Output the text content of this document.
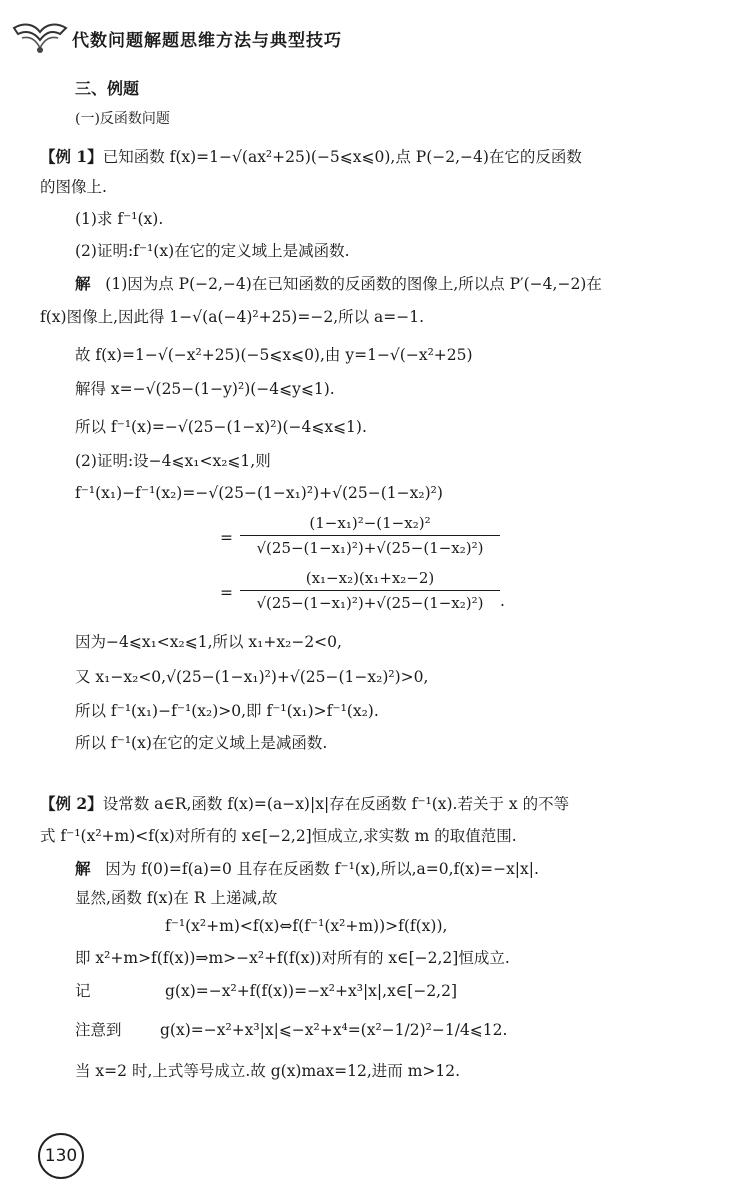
代数问题解题思维方法与典型技巧
三、例题
(一)反函数问题
【例 1】已知函数 f(x)=1−√(ax²+25)(−5⩽x⩽0),点 P(−2,−4)在它的反函数
的图像上.
(1)求 f⁻¹(x).
(2)证明:f⁻¹(x)在它的定义域上是减函数.
解 (1)因为点 P(−2,−4)在已知函数的反函数的图像上,所以点 P′(−4,−2)在
f(x)图像上,因此得 1−√(a(−4)²+25)=−2,所以 a=−1.
故 f(x)=1−√(−x²+25)(−5⩽x⩽0),由 y=1−√(−x²+25)
解得 x=−√(25−(1−y)²)(−4⩽y⩽1).
所以 f⁻¹(x)=−√(25−(1−x)²)(−4⩽x⩽1).
(2)证明:设−4⩽x₁<x₂⩽1,则
f⁻¹(x₁)−f⁻¹(x₂)=−√(25−(1−x₁)²)+√(25−(1−x₂)²)
=
(1−x₁)²−(1−x₂)²
√(25−(1−x₁)²)+√(25−(1−x₂)²)
=
(x₁−x₂)(x₁+x₂−2)
√(25−(1−x₁)²)+√(25−(1−x₂)²)	.
因为−4⩽x₁<x₂⩽1,所以 x₁+x₂−2<0,
又 x₁−x₂<0,√(25−(1−x₁)²)+√(25−(1−x₂)²)>0,
所以 f⁻¹(x₁)−f⁻¹(x₂)>0,即 f⁻¹(x₁)>f⁻¹(x₂).
所以 f⁻¹(x)在它的定义域上是减函数.
【例 2】设常数 a∈R,函数 f(x)=(a−x)|x|存在反函数 f⁻¹(x).若关于 x 的不等
式 f⁻¹(x²+m)<f(x)对所有的 x∈[−2,2]恒成立,求实数 m 的取值范围.
解 因为 f(0)=f(a)=0 且存在反函数 f⁻¹(x),所以,a=0,f(x)=−x|x|.
显然,函数 f(x)在 R 上递减,故
f⁻¹(x²+m)<f(x)⇔f(f⁻¹(x²+m))>f(f(x)),
即 x²+m>f(f(x))⇒m>−x²+f(f(x))对所有的 x∈[−2,2]恒成立.
记	g(x)=−x²+f(f(x))=−x²+x³|x|,x∈[−2,2]
注意到 g(x)=−x²+x³|x|⩽−x²+x⁴=(x²−1/2)²−1/4⩽12.
当 x=2 时,上式等号成立.故 g(x)max=12,进而 m>12.
130
